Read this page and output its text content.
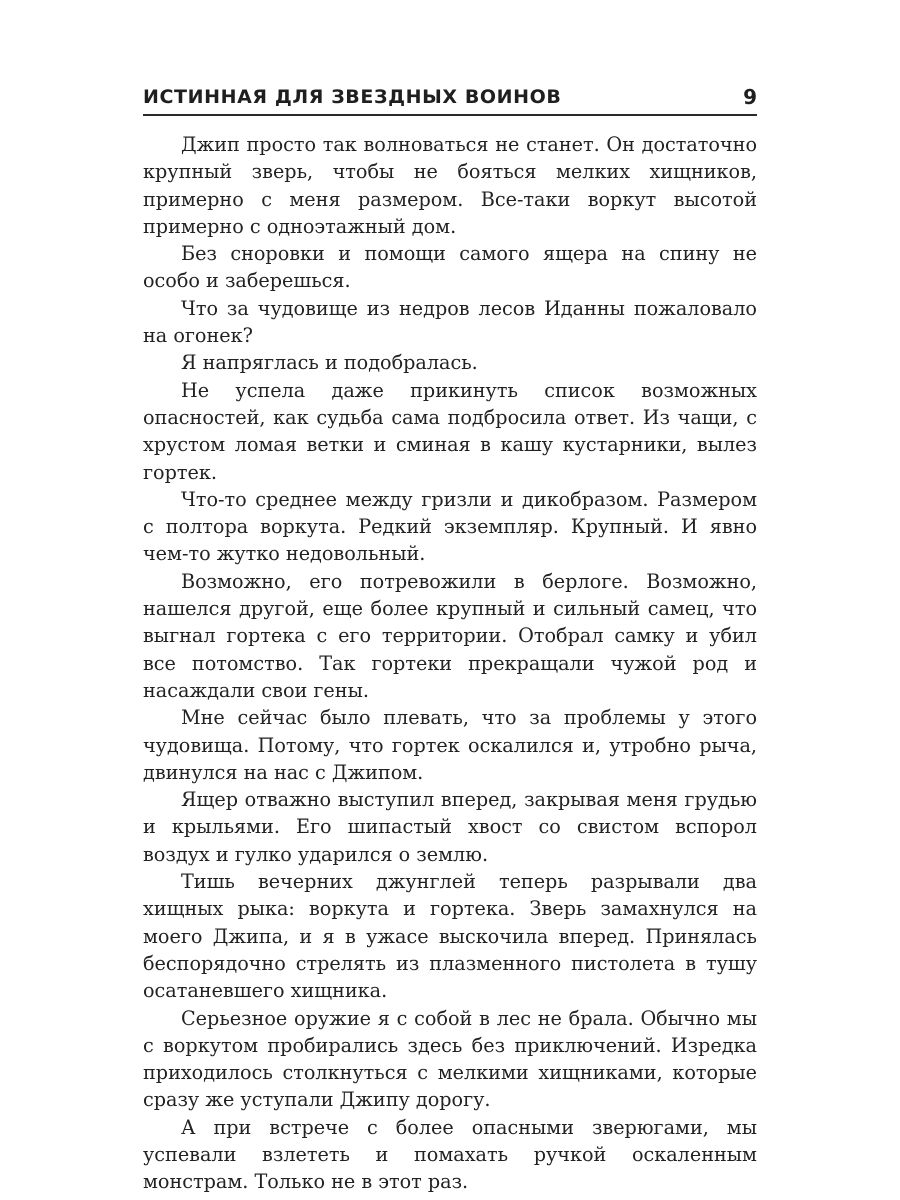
ИСТИННАЯ ДЛЯ ЗВЕЗДНЫХ ВОИНОВ	9

Джип просто так волноваться не станет. Он достаточно крупный зверь, чтобы не бояться мелких хищников, примерно с меня размером. Все-таки воркут высотой примерно с одноэтажный дом.

Без сноровки и помощи самого ящера на спину не особо и заберешься.

Что за чудовище из недров лесов Иданны пожаловало на огонек?

Я напряглась и подобралась.

Не успела даже прикинуть список возможных опасностей, как судьба сама подбросила ответ. Из чащи, с хрустом ломая ветки и сминая в кашу кустарники, вылез гортек.

Что-то среднее между гризли и дикобразом. Размером с полтора воркута. Редкий экземпляр. Крупный. И явно чем-то жутко недовольный.

Возможно, его потревожили в берлоге. Возможно, нашелся другой, еще более крупный и сильный самец, что выгнал гортека с его территории. Отобрал самку и убил все потомство. Так гортеки прекращали чужой род и насаждали свои гены.

Мне сейчас было плевать, что за проблемы у этого чудовища. Потому, что гортек оскалился и, утробно рыча, двинулся на нас с Джипом.

Ящер отважно выступил вперед, закрывая меня грудью и крыльями. Его шипастый хвост со свистом вспорол воздух и гулко ударился о землю.

Тишь вечерних джунглей теперь разрывали два хищных рыка: воркута и гортека. Зверь замахнулся на моего Джипа, и я в ужасе выскочила вперед. Принялась беспорядочно стрелять из плазменного пистолета в тушу осатаневшего хищника.

Серьезное оружие я с собой в лес не брала. Обычно мы с воркутом пробирались здесь без приключений. Изредка приходилось столкнуться с мелкими хищниками, которые сразу же уступали Джипу дорогу.

А при встрече с более опасными зверюгами, мы успевали взлететь и помахать ручкой оскаленным монстрам. Только не в этот раз.
